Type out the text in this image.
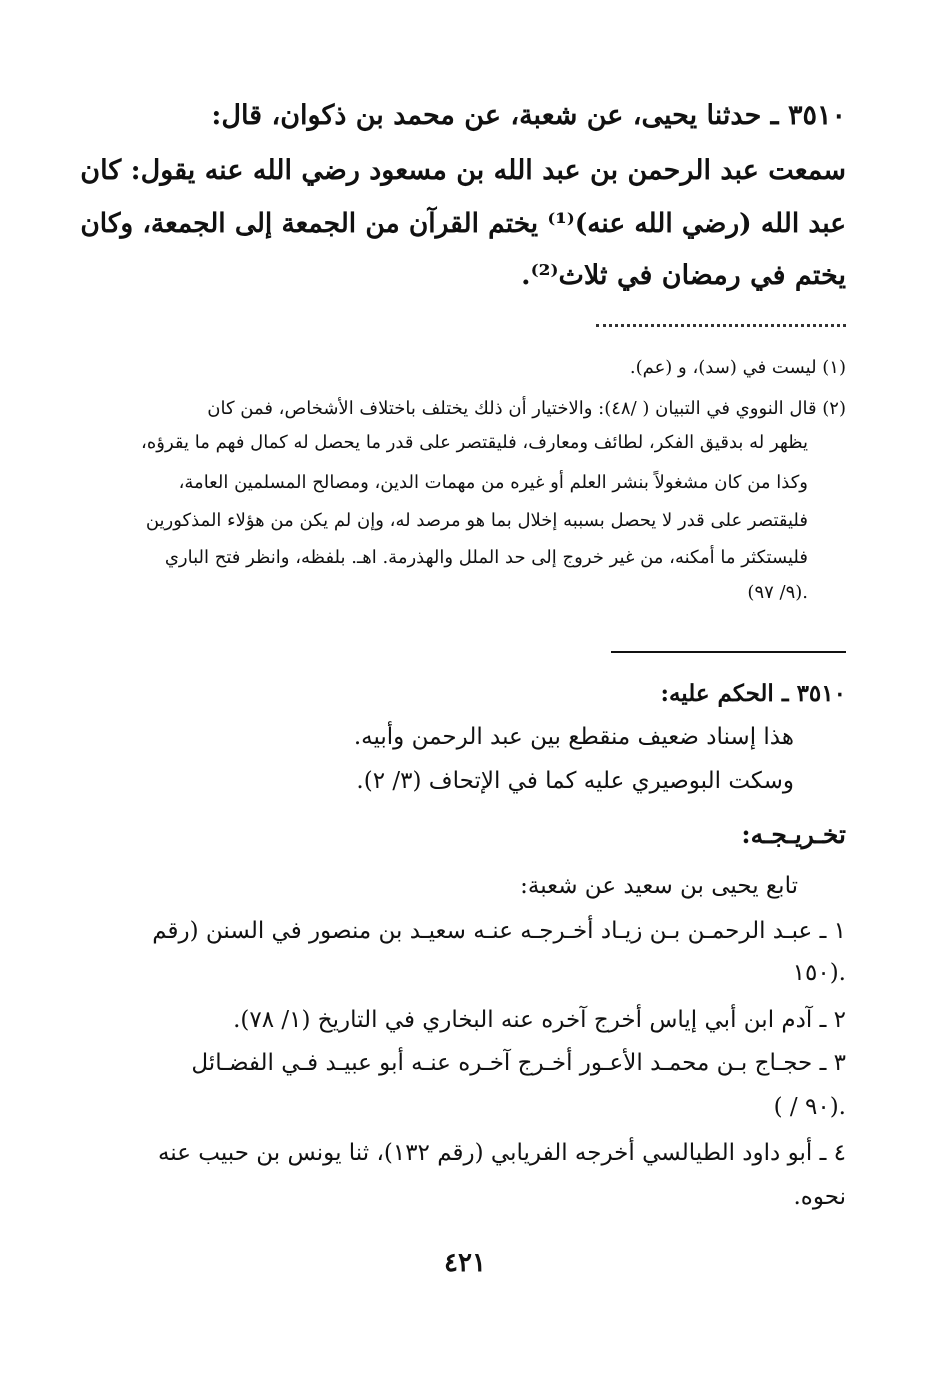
٣٥١٠ ـ حدثنا يحيى، عن شعبة، عن محمد بن ذكوان، قال:
سمعت عبد الرحمن بن عبد الله بن مسعود رضي الله عنه يقول: كان
عبد الله (رضي الله عنه)⁽¹⁾ يختم القرآن من الجمعة إلى الجمعة، وكان
يختم في رمضان في ثلاث⁽²⁾.
(١) ليست في (سد)، و (عم).
(٢) قال النووي في التبيان ( /٤٨): والاختيار أن ذلك يختلف باختلاف الأشخاص، فمن كان
يظهر له بدقيق الفكر، لطائف ومعارف، فليقتصر على قدر ما يحصل له كمال فهم ما يقرؤه،
وكذا من كان مشغولاً بنشر العلم أو غيره من مهمات الدين، ومصالح المسلمين العامة،
فليقتصر على قدر لا يحصل بسببه إخلال بما هو مرصد له، وإن لم يكن من هؤلاء المذكورين
فليستكثر ما أمكنه، من غير خروج إلى حد الملل والهذرمة. اهـ. بلفظه، وانظر فتح الباري
(٩/ ٩٧).
٣٥١٠ ـ الحكم عليه:
هذا إسناد ضعيف منقطع بين عبد الرحمن وأبيه.
وسكت البوصيري عليه كما في الإتحاف (٣/ ٢).
تخـريـجـه:
تابع يحيى بن سعيد عن شعبة:
١ ـ عبـد الرحمـن بـن زيـاد أخـرجـه عنـه سعيـد بن منصور في السنن (رقم
١٥٠).
٢ ـ آدم ابن أبي إياس أخرج آخره عنه البخاري في التاريخ (١/ ٧٨).
٣ ـ حجـاج بـن محمـد الأعـور أخـرج آخـره عنـه أبو عبيـد فـي الفضـائل
( / ٩٠).
٤ ـ أبو داود الطيالسي أخرجه الفريابي (رقم ١٣٢)، ثنا يونس بن حبيب عنه
نحوه.
٤٢١
